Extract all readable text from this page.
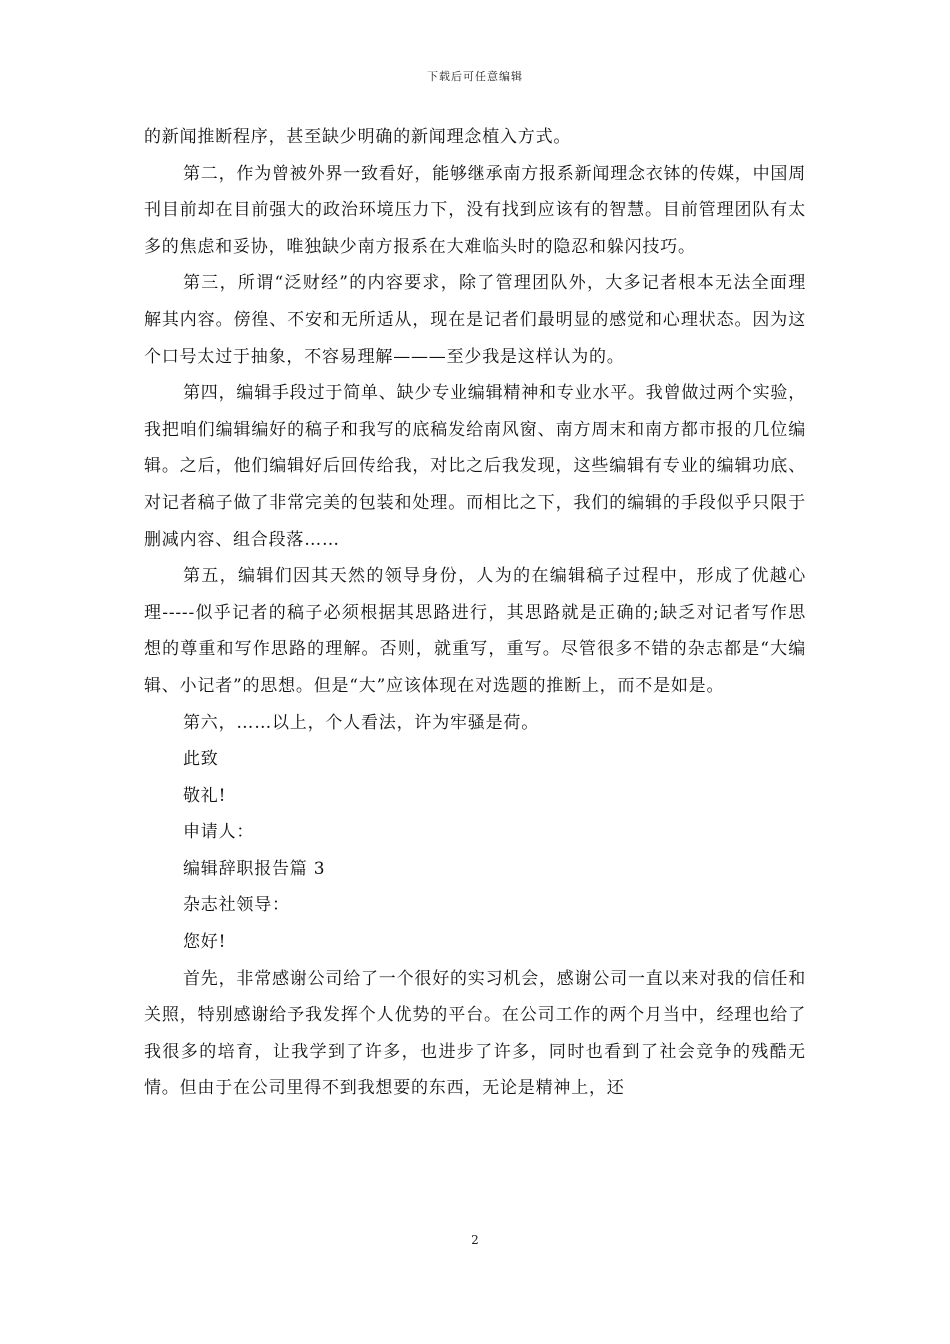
下载后可任意编辑

的新闻推断程序，甚至缺少明确的新闻理念植入方式。

第二，作为曾被外界一致看好，能够继承南方报系新闻理念衣钵的传媒，中国周刊目前却在目前强大的政治环境压力下，没有找到应该有的智慧。目前管理团队有太多的焦虑和妥协，唯独缺少南方报系在大难临头时的隐忍和躲闪技巧。

第三，所谓“泛财经”的内容要求，除了管理团队外，大多记者根本无法全面理解其内容。傍徨、不安和无所适从，现在是记者们最明显的感觉和心理状态。因为这个口号太过于抽象，不容易理解———至少我是这样认为的。

第四，编辑手段过于简单、缺少专业编辑精神和专业水平。我曾做过两个实验，我把咱们编辑编好的稿子和我写的底稿发给南风窗、南方周末和南方都市报的几位编辑。之后，他们编辑好后回传给我，对比之后我发现，这些编辑有专业的编辑功底、对记者稿子做了非常完美的包装和处理。而相比之下，我们的编辑的手段似乎只限于删减内容、组合段落……

第五，编辑们因其天然的领导身份，人为的在编辑稿子过程中，形成了优越心理-----似乎记者的稿子必须根据其思路进行，其思路就是正确的;缺乏对记者写作思想的尊重和写作思路的理解。否则，就重写，重写。尽管很多不错的杂志都是“大编辑、小记者”的思想。但是“大”应该体现在对选题的推断上，而不是如是。

第六，……以上，个人看法，许为牢骚是荷。

此致

敬礼!

申请人：

编辑辞职报告篇 3

杂志社领导：

您好!

首先，非常感谢公司给了一个很好的实习机会，感谢公司一直以来对我的信任和关照，特别感谢给予我发挥个人优势的平台。在公司工作的两个月当中，经理也给了我很多的培育，让我学到了许多，也进步了许多，同时也看到了社会竞争的残酷无情。但由于在公司里得不到我想要的东西，无论是精神上，还

2
